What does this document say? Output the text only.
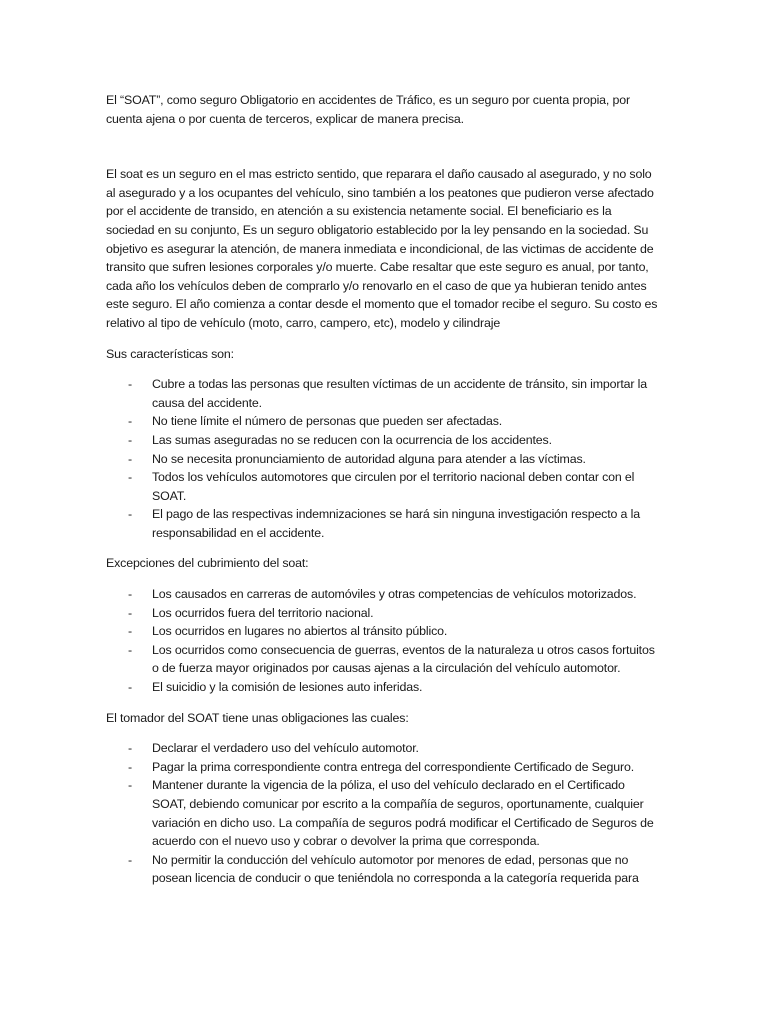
El “SOAT”, como seguro Obligatorio en accidentes de Tráfico, es un seguro por cuenta propia, por cuenta ajena o por cuenta de terceros, explicar de manera precisa.

El soat es un seguro en el mas estricto sentido, que reparara el daño causado al asegurado, y no solo al asegurado y a los ocupantes del vehículo, sino también a los peatones que pudieron verse afectado por el accidente de transido, en atención a su existencia netamente social. El beneficiario es la sociedad en su conjunto, Es un seguro obligatorio establecido por la ley pensando en la sociedad. Su objetivo es asegurar la atención, de manera inmediata e incondicional, de las victimas de accidente de transito que sufren lesiones corporales y/o muerte. Cabe resaltar que este seguro es anual, por tanto, cada año los vehículos deben de comprarlo y/o renovarlo en el caso de que ya hubieran tenido antes este seguro. El año comienza a contar desde el momento que el tomador recibe el seguro. Su costo es relativo al tipo de vehículo (moto, carro, campero, etc), modelo y cilindraje

Sus características son:

- Cubre a todas las personas que resulten víctimas de un accidente de tránsito, sin importar la causa del accidente.
- No tiene límite el número de personas que pueden ser afectadas.
- Las sumas aseguradas no se reducen con la ocurrencia de los accidentes.
- No se necesita pronunciamiento de autoridad alguna para atender a las víctimas.
- Todos los vehículos automotores que circulen por el territorio nacional deben contar con el SOAT.
- El pago de las respectivas indemnizaciones se hará sin ninguna investigación respecto a la responsabilidad en el accidente.

Excepciones del cubrimiento del soat:

- Los causados en carreras de automóviles y otras competencias de vehículos motorizados.
- Los ocurridos fuera del territorio nacional.
- Los ocurridos en lugares no abiertos al tránsito público.
- Los ocurridos como consecuencia de guerras, eventos de la naturaleza u otros casos fortuitos o de fuerza mayor originados por causas ajenas a la circulación del vehículo automotor.
- El suicidio y la comisión de lesiones auto inferidas.

El tomador del SOAT tiene unas obligaciones las cuales:

- Declarar el verdadero uso del vehículo automotor.
- Pagar la prima correspondiente contra entrega del correspondiente Certificado de Seguro.
- Mantener durante la vigencia de la póliza, el uso del vehículo declarado en el Certificado SOAT, debiendo comunicar por escrito a la compañía de seguros, oportunamente, cualquier variación en dicho uso. La compañía de seguros podrá modificar el Certificado de Seguros de acuerdo con el nuevo uso y cobrar o devolver la prima que corresponda.
- No permitir la conducción del vehículo automotor por menores de edad, personas que no posean licencia de conducir o que teniéndola no corresponda a la categoría requerida para
